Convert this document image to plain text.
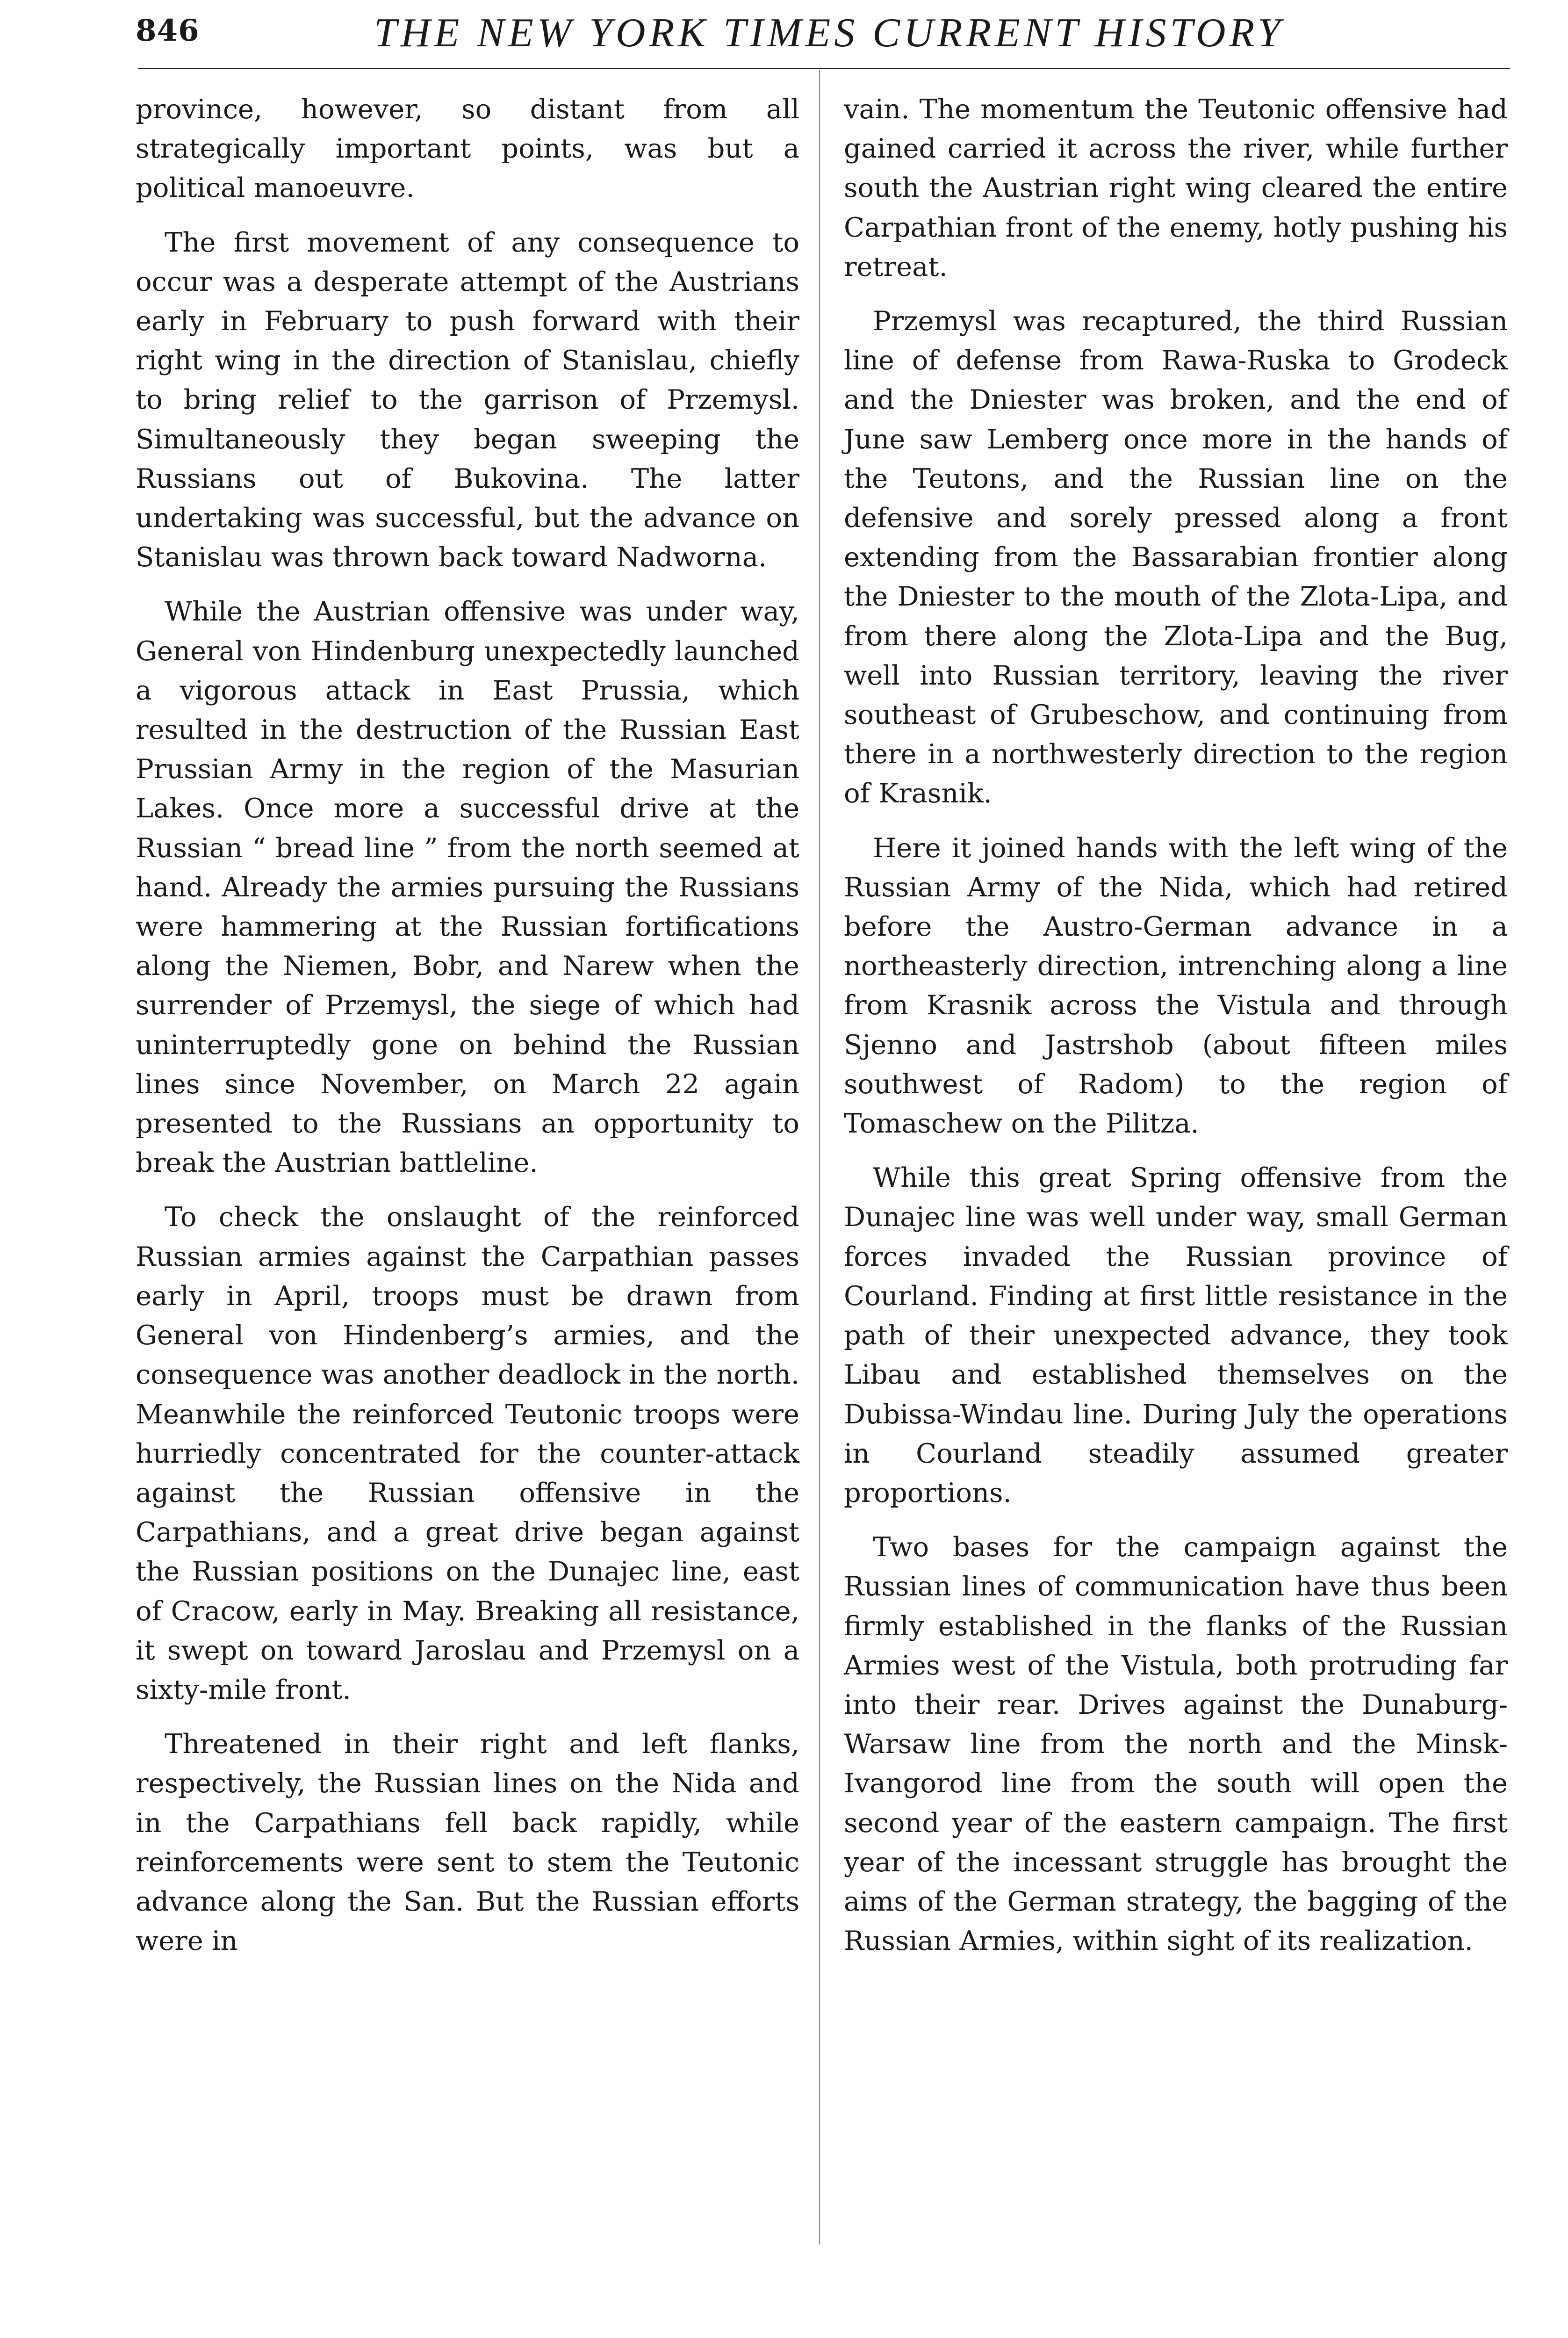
846	THE NEW YORK TIMES CURRENT HISTORY

province, however, so distant from all strategically important points, was but a political manoeuvre.

The first movement of any consequence to occur was a desperate attempt of the Austrians early in February to push forward with their right wing in the direction of Stanislau, chiefly to bring relief to the garrison of Przemysl. Simultaneously they began sweeping the Russians out of Bukovina. The latter undertaking was successful, but the advance on Stanislau was thrown back toward Nadworna.

While the Austrian offensive was under way, General von Hindenburg unexpectedly launched a vigorous attack in East Prussia, which resulted in the destruction of the Russian East Prussian Army in the region of the Masurian Lakes. Once more a successful drive at the Russian “ bread line ” from the north seemed at hand. Already the armies pursuing the Russians were hammering at the Russian fortifications along the Niemen, Bobr, and Narew when the surrender of Przemysl, the siege of which had uninterruptedly gone on behind the Russian lines since November, on March 22 again presented to the Russians an opportunity to break the Austrian battleline.

To check the onslaught of the reinforced Russian armies against the Carpathian passes early in April, troops must be drawn from General von Hindenberg’s armies, and the consequence was another deadlock in the north. Meanwhile the reinforced Teutonic troops were hurriedly concentrated for the counter-attack against the Russian offensive in the Carpathians, and a great drive began against the Russian positions on the Dunajec line, east of Cracow, early in May. Breaking all resistance, it swept on toward Jaroslau and Przemysl on a sixty-mile front.

Threatened in their right and left flanks, respectively, the Russian lines on the Nida and in the Carpathians fell back rapidly, while reinforcements were sent to stem the Teutonic advance along the San. But the Russian efforts were in

vain. The momentum the Teutonic offensive had gained carried it across the river, while further south the Austrian right wing cleared the entire Carpathian front of the enemy, hotly pushing his retreat.

Przemysl was recaptured, the third Russian line of defense from Rawa-Ruska to Grodeck and the Dniester was broken, and the end of June saw Lemberg once more in the hands of the Teutons, and the Russian line on the defensive and sorely pressed along a front extending from the Bassarabian frontier along the Dniester to the mouth of the Zlota-Lipa, and from there along the Zlota-Lipa and the Bug, well into Russian territory, leaving the river southeast of Grubeschow, and continuing from there in a northwesterly direction to the region of Krasnik.

Here it joined hands with the left wing of the Russian Army of the Nida, which had retired before the Austro-German advance in a northeasterly direction, intrenching along a line from Krasnik across the Vistula and through Sjenno and Jastrshob (about fifteen miles southwest of Radom) to the region of Tomaschew on the Pilitza.

While this great Spring offensive from the Dunajec line was well under way, small German forces invaded the Russian province of Courland. Finding at first little resistance in the path of their unexpected advance, they took Libau and established themselves on the Dubissa-Windau line. During July the operations in Courland steadily assumed greater proportions.

Two bases for the campaign against the Russian lines of communication have thus been firmly established in the flanks of the Russian Armies west of the Vistula, both protruding far into their rear. Drives against the Dunaburg-Warsaw line from the north and the Minsk-Ivangorod line from the south will open the second year of the eastern campaign. The first year of the incessant struggle has brought the aims of the German strategy, the bagging of the Russian Armies, within sight of its realization.
